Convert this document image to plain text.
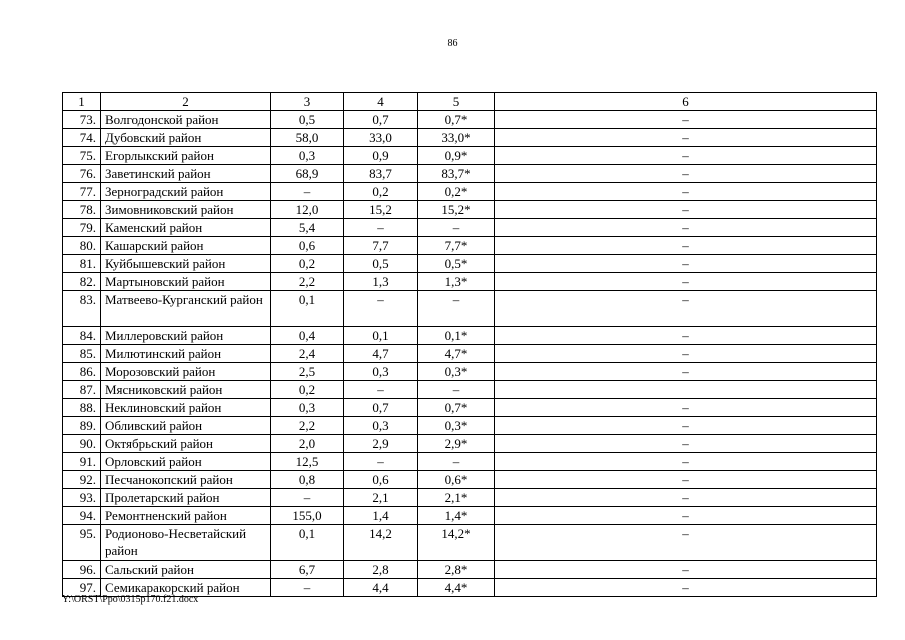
86
1	2	3	4	5	6
73.	Волгодонской район	0,5	0,7	0,7*	–
74.	Дубовский район	58,0	33,0	33,0*	–
75.	Егорлыкский район	0,3	0,9	0,9*	–
76.	Заветинский район	68,9	83,7	83,7*	–
77.	Зерноградский район	–	0,2	0,2*	–
78.	Зимовниковский район	12,0	15,2	15,2*	–
79.	Каменский район	5,4	–	–	–
80.	Кашарский район	0,6	7,7	7,7*	–
81.	Куйбышевский район	0,2	0,5	0,5*	–
82.	Мартыновский район	2,2	1,3	1,3*	–
83.	Матвеево-Курганский район	0,1	–	–	–
84.	Миллеровский район	0,4	0,1	0,1*	–
85.	Милютинский район	2,4	4,7	4,7*	–
86.	Морозовский район	2,5	0,3	0,3*	–
87.	Мясниковский район	0,2	–	–	
88.	Неклиновский район	0,3	0,7	0,7*	–
89.	Обливский район	2,2	0,3	0,3*	–
90.	Октябрьский район	2,0	2,9	2,9*	–
91.	Орловский район	12,5	–	–	–
92.	Песчанокопский район	0,8	0,6	0,6*	–
93.	Пролетарский район	–	2,1	2,1*	–
94.	Ремонтненский район	155,0	1,4	1,4*	–
95.	Родионово-Несветайский район	0,1	14,2	14,2*	–
96.	Сальский район	6,7	2,8	2,8*	–
97.	Семикаракорский район	–	4,4	4,4*	–
Y:\ORST\Ppo\0315p170.f21.docx
